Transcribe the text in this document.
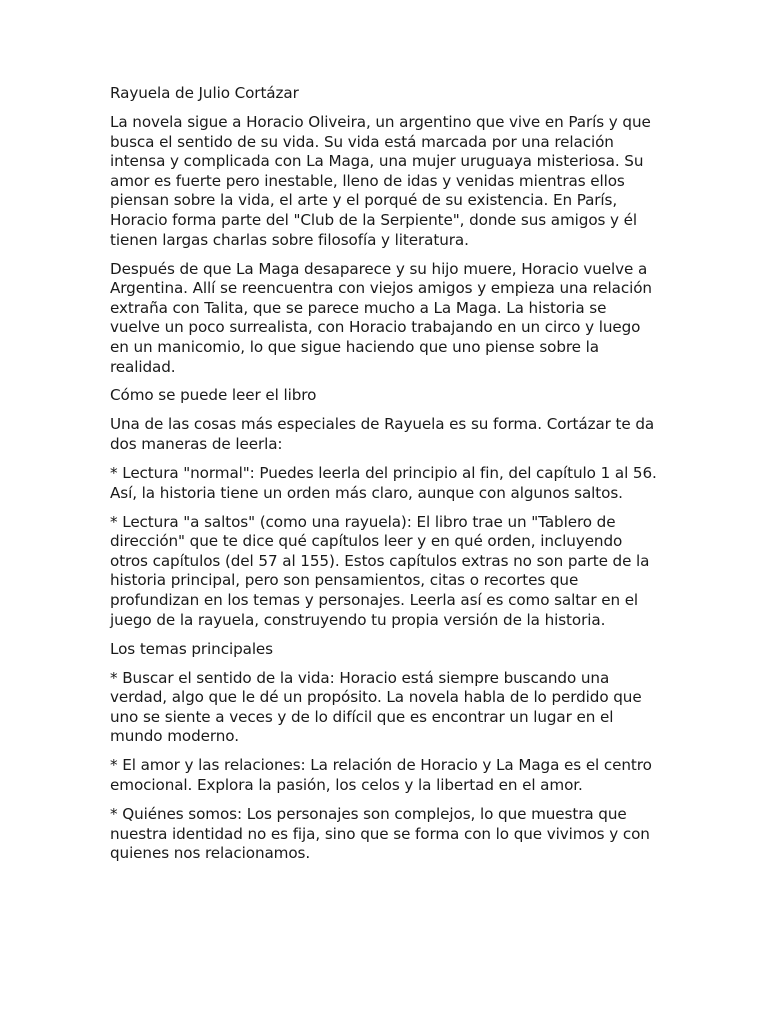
Rayuela de Julio Cortázar

La novela sigue a Horacio Oliveira, un argentino que vive en París y que busca el sentido de su vida. Su vida está marcada por una relación intensa y complicada con La Maga, una mujer uruguaya misteriosa. Su amor es fuerte pero inestable, lleno de idas y venidas mientras ellos piensan sobre la vida, el arte y el porqué de su existencia. En París, Horacio forma parte del "Club de la Serpiente", donde sus amigos y él tienen largas charlas sobre filosofía y literatura.

Después de que La Maga desaparece y su hijo muere, Horacio vuelve a Argentina. Allí se reencuentra con viejos amigos y empieza una relación extraña con Talita, que se parece mucho a La Maga. La historia se vuelve un poco surrealista, con Horacio trabajando en un circo y luego en un manicomio, lo que sigue haciendo que uno piense sobre la realidad.

Cómo se puede leer el libro

Una de las cosas más especiales de Rayuela es su forma. Cortázar te da dos maneras de leerla:

* Lectura "normal": Puedes leerla del principio al fin, del capítulo 1 al 56. Así, la historia tiene un orden más claro, aunque con algunos saltos.

* Lectura "a saltos" (como una rayuela): El libro trae un "Tablero de dirección" que te dice qué capítulos leer y en qué orden, incluyendo otros capítulos (del 57 al 155). Estos capítulos extras no son parte de la historia principal, pero son pensamientos, citas o recortes que profundizan en los temas y personajes. Leerla así es como saltar en el juego de la rayuela, construyendo tu propia versión de la historia.

Los temas principales

* Buscar el sentido de la vida: Horacio está siempre buscando una verdad, algo que le dé un propósito. La novela habla de lo perdido que uno se siente a veces y de lo difícil que es encontrar un lugar en el mundo moderno.

* El amor y las relaciones: La relación de Horacio y La Maga es el centro emocional. Explora la pasión, los celos y la libertad en el amor.

* Quiénes somos: Los personajes son complejos, lo que muestra que nuestra identidad no es fija, sino que se forma con lo que vivimos y con quienes nos relacionamos.
